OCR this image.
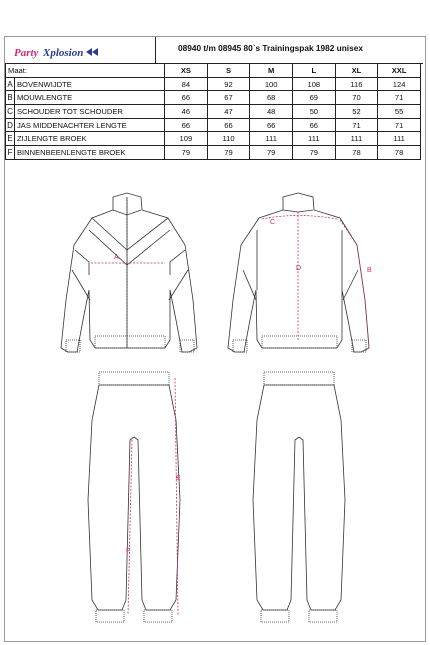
Party Xplosion	08940 t/m 08945 80`s Trainingspak 1982 unisex
Maat:		XS	S	M	L	XL	XXL
A	BOVENWIJDTE	84	92	100	108	116	124
B	MOUWLENGTE	66	67	68	69	70	71
C	SCHOUDER TOT SCHOUDER	46	47	48	50	52	55
D	JAS MIDDENACHTER LENGTE	66	66	66	66	71	71
E	ZIJLENGTE BROEK	109	110	111	111	111	111
F	BINNENBEENLENGTE BROEK	79	79	79	79	78	78
A
B
C
D
E
F
